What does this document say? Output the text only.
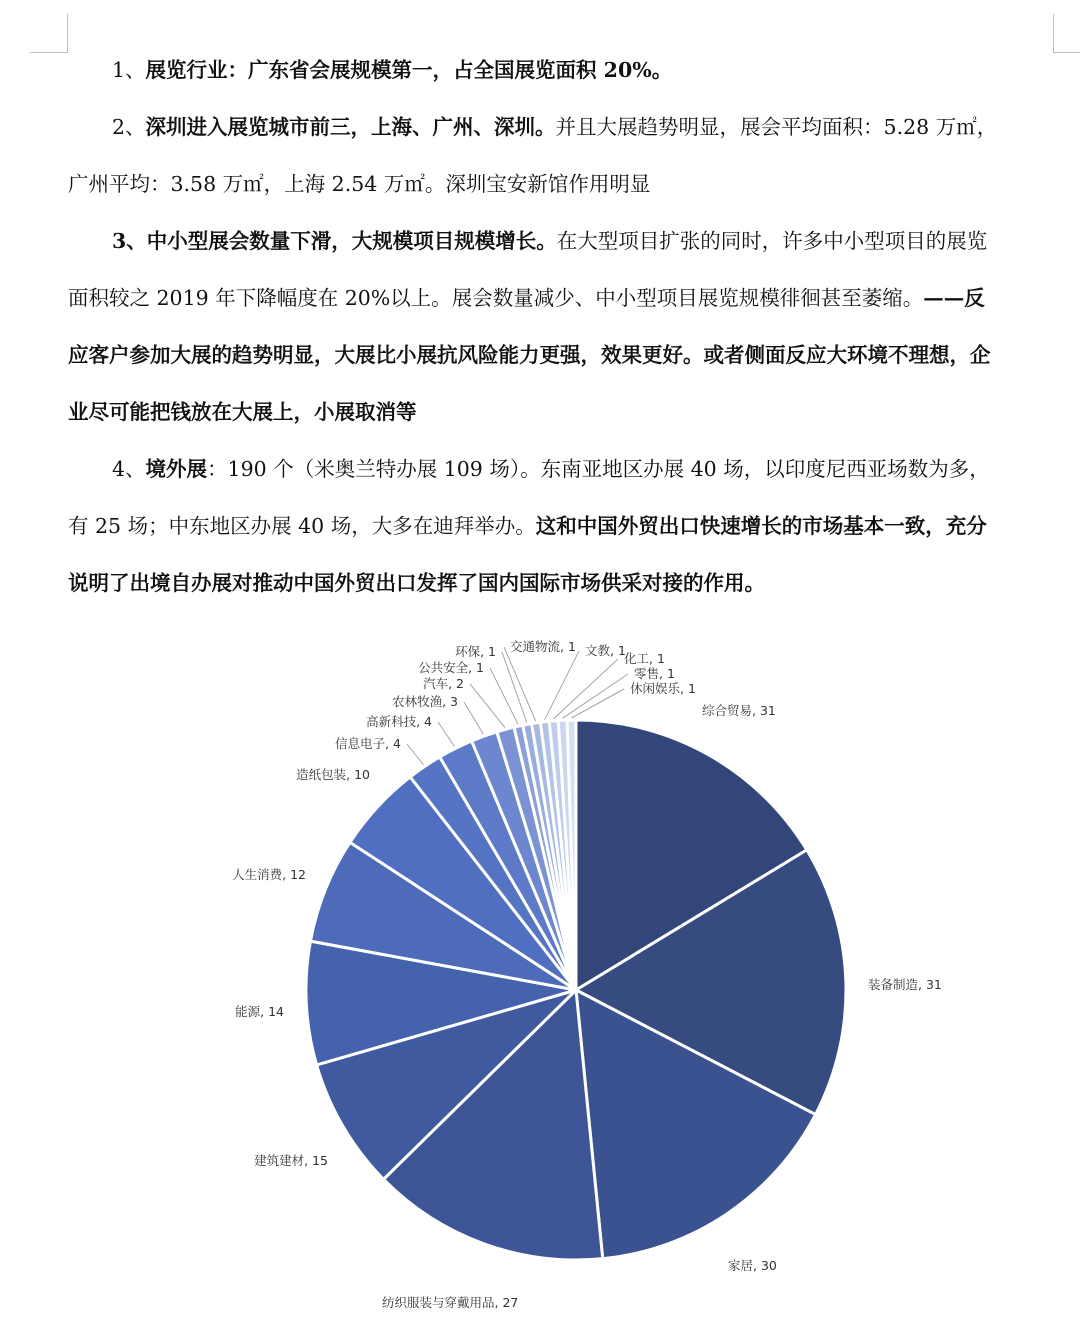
1、展览行业：广东省会展规模第一，占全国展览面积 20%。

2、深圳进入展览城市前三，上海、广州、深圳。并且大展趋势明显，展会平均面积：5.28 万㎡，
广州平均：3.58 万㎡，上海 2.54 万㎡。深圳宝安新馆作用明显

3、中小型展会数量下滑，大规模项目规模增长。在大型项目扩张的同时，许多中小型项目的展览
面积较之 2019 年下降幅度在 20%以上。展会数量减少、中小型项目展览规模徘徊甚至萎缩。——反
应客户参加大展的趋势明显，大展比小展抗风险能力更强，效果更好。或者侧面反应大环境不理想，企
业尽可能把钱放在大展上，小展取消等

4、境外展：190 个（米奥兰特办展 109 场）。东南亚地区办展 40 场，以印度尼西亚场数为多，
有 25 场；中东地区办展 40 场，大多在迪拜举办。这和中国外贸出口快速增长的市场基本一致，充分
说明了出境自办展对推动中国外贸出口发挥了国内国际市场供采对接的作用。

综合贸易, 31
装备制造, 31
家居, 30
纺织服装与穿戴用品, 27
建筑建材, 15
能源, 14
人生消费, 12
造纸包装, 10
信息电子, 4
高新科技, 4
农林牧渔, 3
汽车, 2
公共安全, 1
环保, 1 交通物流, 1 文教, 1
化工, 1
零售, 1
休闲娱乐, 1
